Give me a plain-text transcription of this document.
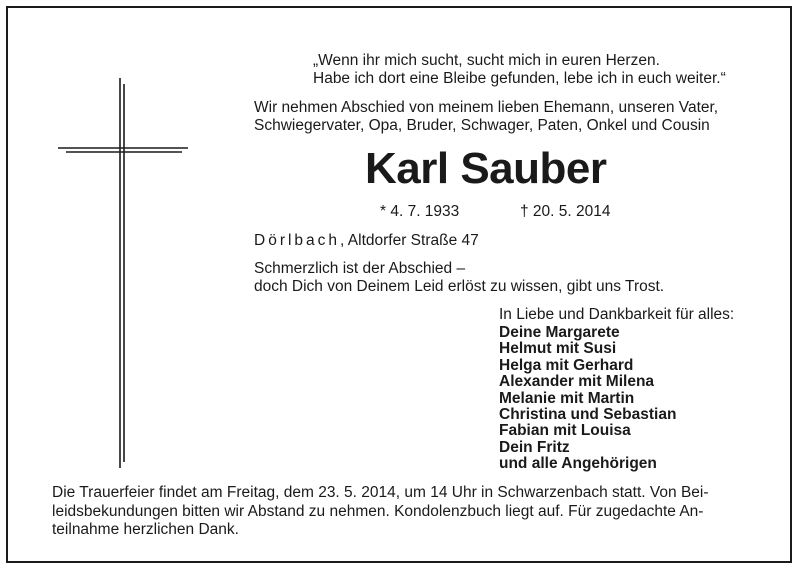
„Wenn ihr mich sucht, sucht mich in euren Herzen.
Habe ich dort eine Bleibe gefunden, lebe ich in euch weiter.“
Wir nehmen Abschied von meinem lieben Ehemann, unseren Vater,
Schwiegervater, Opa, Bruder, Schwager, Paten, Onkel und Cousin
Karl Sauber
* 4. 7. 1933	† 20. 5. 2014
Dörlbach, Altdorfer Straße 47
Schmerzlich ist der Abschied –
doch Dich von Deinem Leid erlöst zu wissen, gibt uns Trost.
In Liebe und Dankbarkeit für alles:
Deine Margarete
Helmut mit Susi
Helga mit Gerhard
Alexander mit Milena
Melanie mit Martin
Christina und Sebastian
Fabian mit Louisa
Dein Fritz
und alle Angehörigen
Die Trauerfeier findet am Freitag, dem 23. 5. 2014, um 14 Uhr in Schwarzenbach statt. Von Bei-
leidsbekundungen bitten wir Abstand zu nehmen. Kondolenzbuch liegt auf. Für zugedachte An-
teilnahme herzlichen Dank.
